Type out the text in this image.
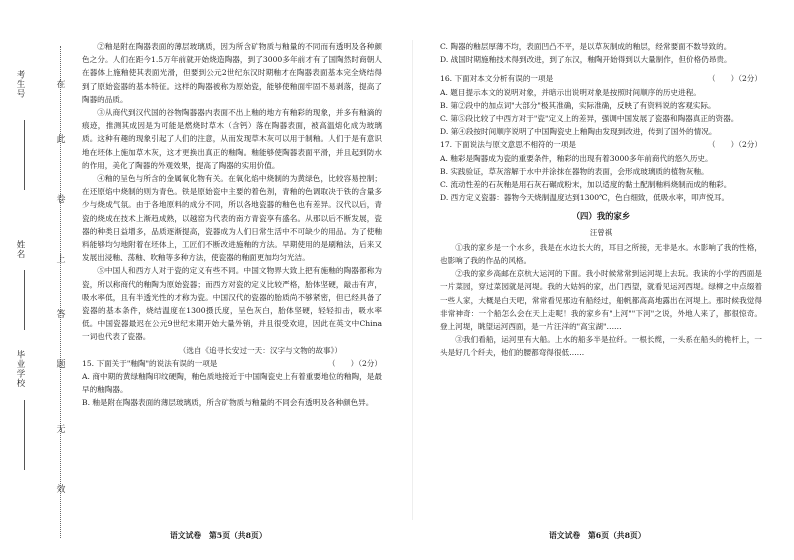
考生号
姓名
毕业学校
在
此
卷
上
答
题
无
效

②釉是附在陶器表面的薄层玻璃质，因为所含矿物质与釉量的不同而有透明及各种颜色之分。人们在距今1.5万年前就开始烧造陶器，到了3000多年前才有了国陶然时商朝人在器体上施釉使其表面光滑，但要到公元2世纪东汉时期釉才在陶器表面基本完全烧结得到了原始瓷器的基本特征。这样的陶器被称为原始瓷，能够使釉面牢固不易剥落，提高了陶器的品质。

③从商代到汉代国的谷物陶器器内表面不出上釉的地方有釉彩的现象，并多有釉滴的痕迹，推测其成因是为可能是燃烧时草木（含钙）落在陶器表面，被高温熔化成为玻璃质。这种有趣的现象引起了人们的注意，从而发现草木灰可以用于制釉。人们于是有意识地在坯体上施加草木灰，这才更换出真正的釉陶。釉能够使陶器表面平滑，并且起到防水的作用，美化了陶器的外观效果，提高了陶器的实用价值。

④釉的呈色与所含的金属氧化物有关。在氧化焰中烧制的为黄绿色，比较容易控制；在还原焰中烧制的则为青色。铁是原始瓷中主要的着色剂，青釉的色调取决于铁的含量多少与烧成气氛。由于各地原料的成分不同，所以各地瓷器的釉色也有差异。汉代以后，青瓷的烧成在技术上渐趋成熟，以越窑为代表的南方青瓷享有盛名。从那以后不断发展，瓷器的种类日益增多，品质逐渐提高，瓷器成为人们日常生活中不可缺少的用品。为了使釉料能够均匀地附着在坯体上，工匠们不断改进施釉的方法。早期使用的是刷釉法，后来又发展出浸釉、荡釉、吹釉等多种方法，使瓷器的釉面更加均匀光洁。

⑤中国人和西方人对于瓷的定义有些不同。中国文物界大致上把有施釉的陶器都称为瓷，所以称商代的釉陶为原始瓷器；而西方对瓷的定义比较严格，胎体坚硬，敲击有声，吸水率低，且有半透光性的才称为瓷。中国汉代的瓷器的胎质尚不够紧密，但已经具备了瓷器的基本条件，烧结温度在1300摄氏度，呈色灰白，胎体坚硬，轻轻扣击，吸水率低。中国瓷器最迟在公元9世纪末期开始大量外销，并且很受欢迎，因此在英文中China一词也代表了瓷器。

（选自《追寻长安过一天：汉字与文物的故事》）

15. 下面关于"釉陶"的说法有误的一项是	（　　）（2分）

A. 商中期的黄绿釉陶印纹硬陶，釉色质地接近于中国陶瓷史上有着重要地位的釉陶，是最早的釉陶器。

B. 釉是附在陶器表面的薄层玻璃质，所含矿物质与釉量的不同会有透明及各种颜色异。

C. 陶器的釉层厚薄不均，表面凹凸不平，是以草灰制成的釉层，经常要面不数导致的。

D. 战国时期施釉技术得到改进，到了东汉，釉陶开始得到以大量制作，但价格仍昂贵。

16. 下面对本文分析有误的一项是	（　　）（2分）

A. 题目提示本文的说明对象，并暗示出说明对象是按照时间顺序的历史进程。

B. 第②段中的加点词"大部分"极其准确，实际准确，反映了有资料说的客观实际。

C. 第⑤段比较了中西方对于"瓷"定义上的差异，强调中国发展了瓷器和陶器真正的资器。

D. 第④段按时间顺序说明了中国陶瓷史上釉陶由发现到改进，传到了国外的情况。

17. 下面说法与原文意思不相符的一项是	（　　）（2分）

A. 釉彩是陶器成为瓷的重要条件，釉彩的出现有着3000多年前商代的悠久历史。

B. 实践验证，草灰溶解于水中并涂抹在器物的表面，会形成玻璃质的植物灰釉。

C. 流动性差的石灰釉是用石灰石碾成粉末，加以适度的黏土配制釉料烧制而成的釉彩。

D. 西方定义瓷器：器物今天烧制温度达到1300℃，色白细致，低吸水率，叩声悦耳。

（四）我的家乡

汪曾祺

①我的家乡是一个水乡，我是在水边长大的，耳目之所接，无非是水。水影响了我的性格，也影响了我的作品的风格。

②我的家乡高邮在京杭大运河的下面。我小时候常常到运河堤上去玩。我读的小学的西面是一片菜园，穿过菜园就是河堤。我的大姑妈的家，出门西望，就看见运河西堤。绿柳之中点缀着一些人家，大概是白天吧，常常看见那边有船经过，船帆都高高地露出在河堤上。那时候我觉得非常神奇：一个船怎么会在天上走呢！我的家乡有"上河""下河"之说，外地人来了，都很惊奇。登上河堤，眺望运河西面，是一片汪洋的"高宝湖"……

③我们看船，运河里有大船。上水的船多半是拉纤。一根长缆，一头系在船头的桅杆上，一头是好几个纤夫，他们的腰都弯得很低……

语文试卷　第5页（共8页）	语文试卷　第6页（共8页）
